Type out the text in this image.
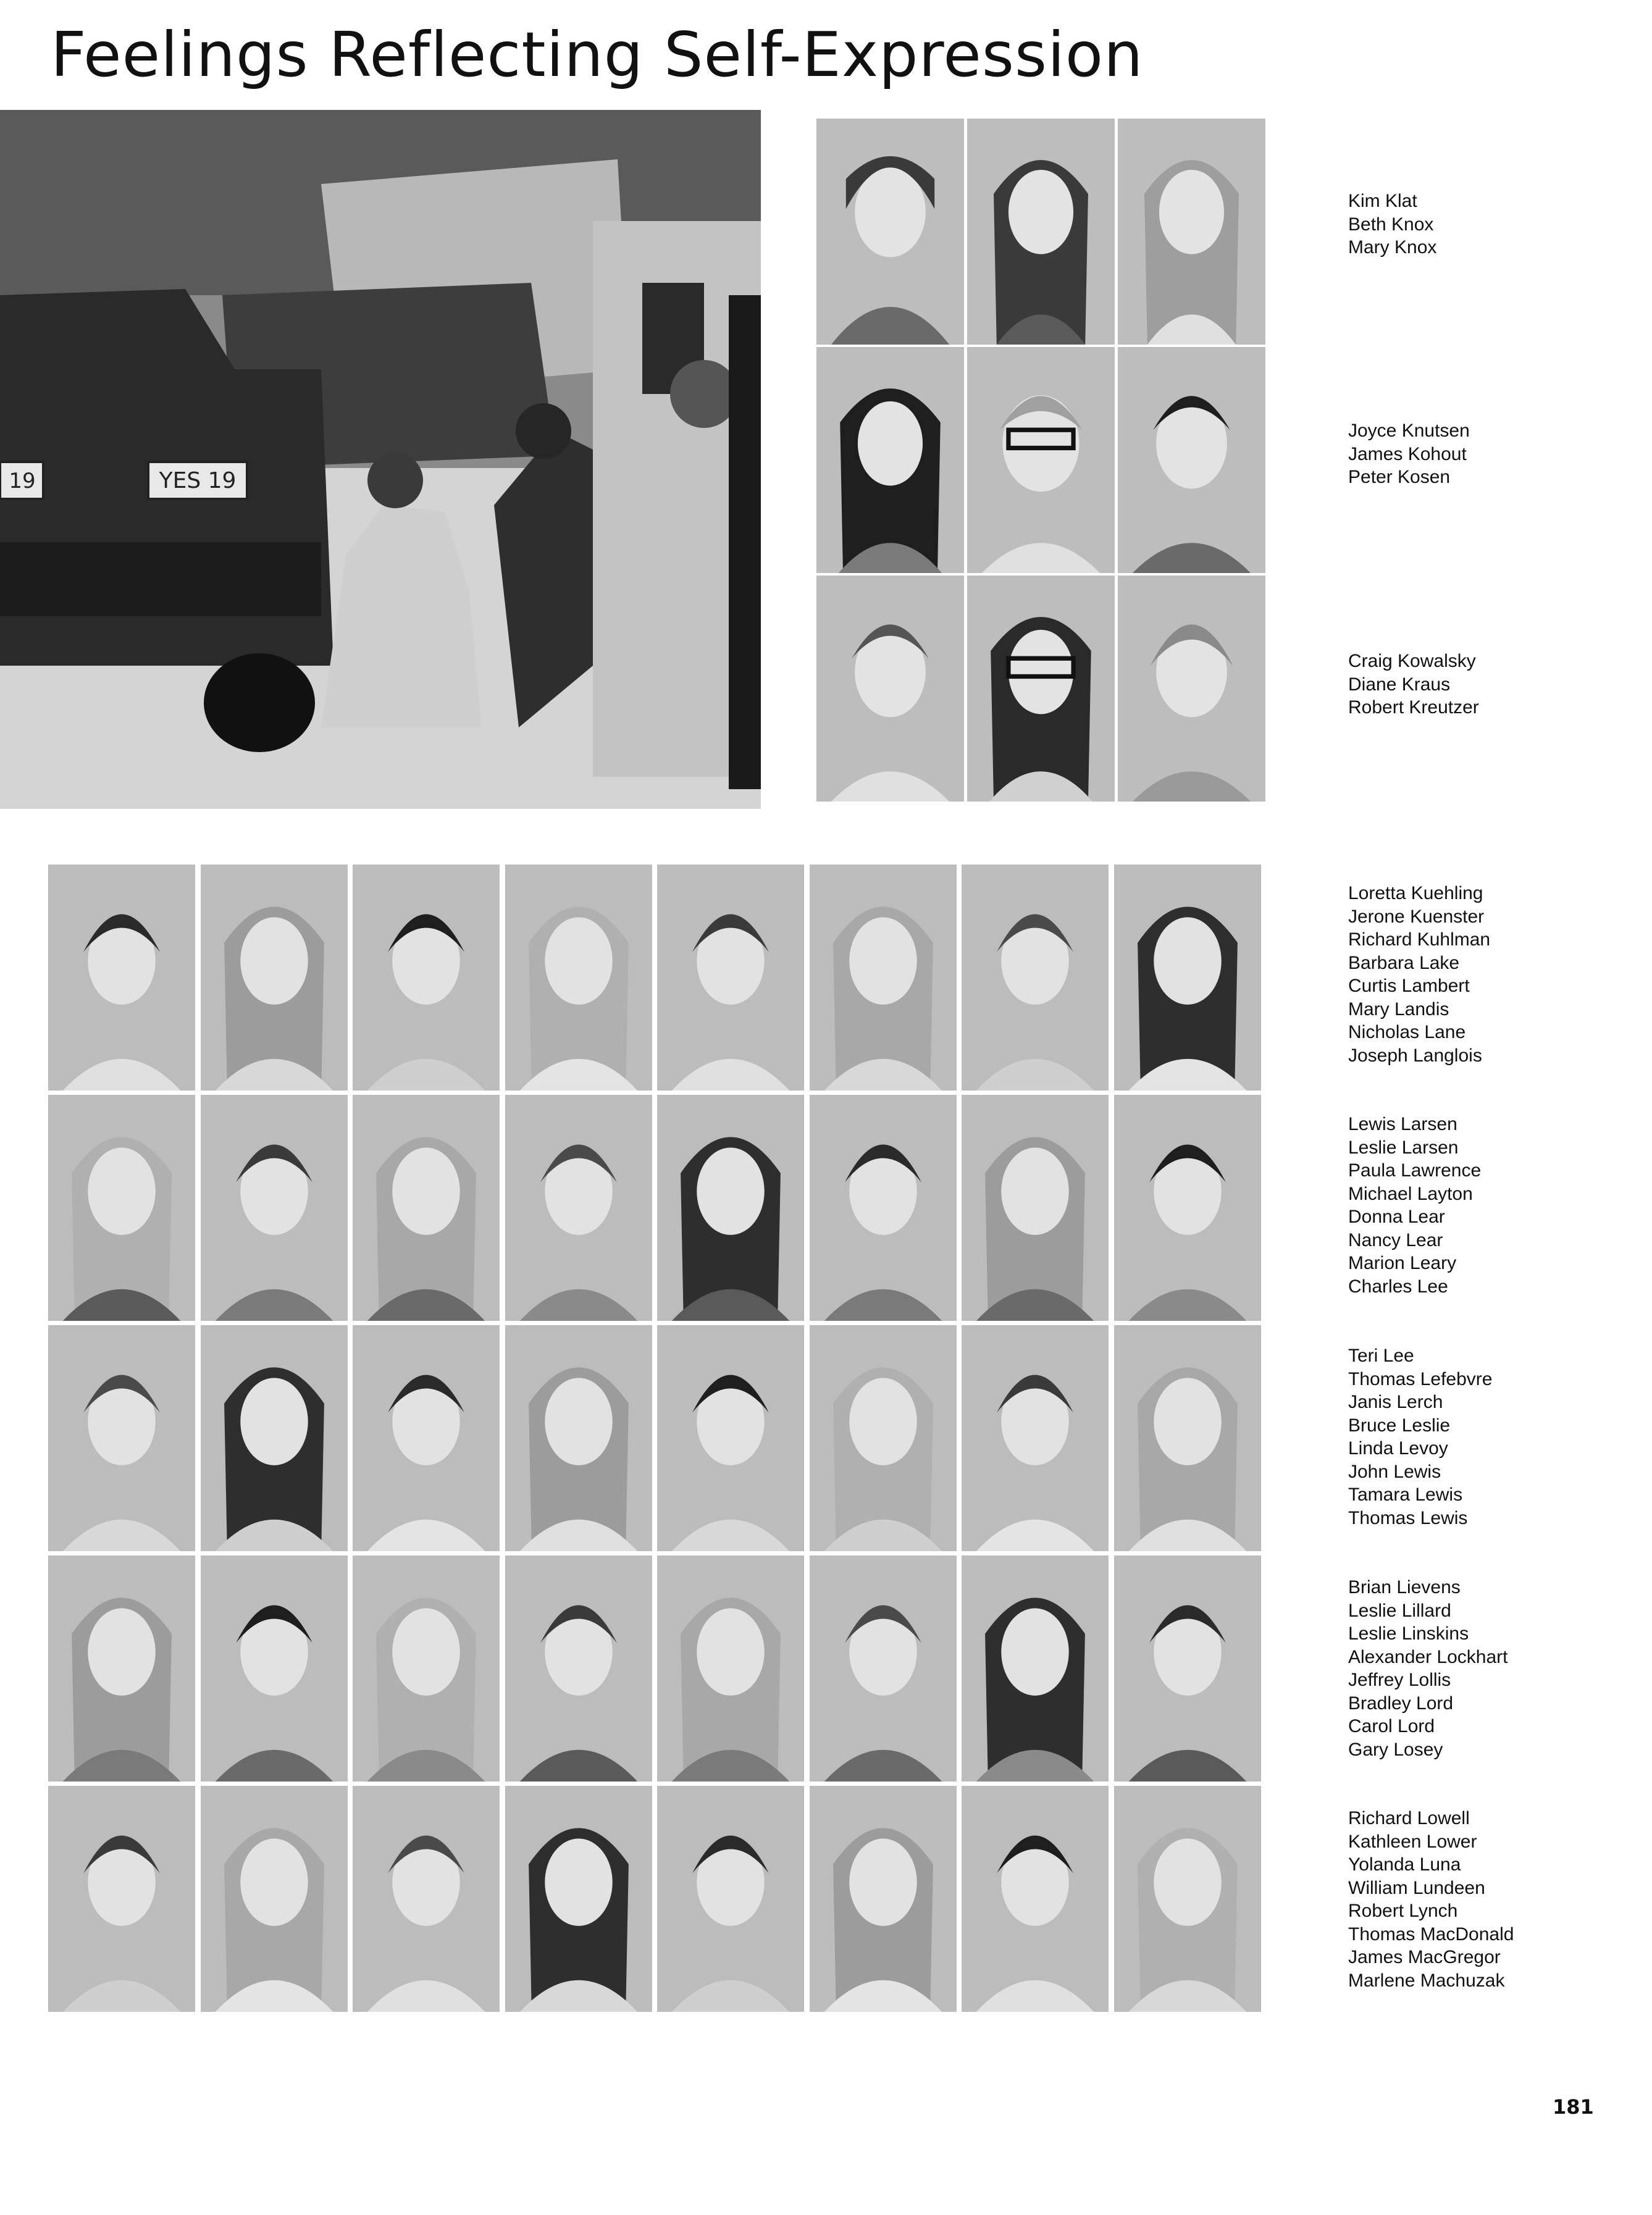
Feelings Reflecting Self-Expression
YES 19
19
Kim Klat
Beth Knox
Mary Knox
Joyce Knutsen
James Kohout
Peter Kosen
Craig Kowalsky
Diane Kraus
Robert Kreutzer
Loretta Kuehling
Jerone Kuenster
Richard Kuhlman
Barbara Lake
Curtis Lambert
Mary Landis
Nicholas Lane
Joseph Langlois
Lewis Larsen
Leslie Larsen
Paula Lawrence
Michael Layton
Donna Lear
Nancy Lear
Marion Leary
Charles Lee
Teri Lee
Thomas Lefebvre
Janis Lerch
Bruce Leslie
Linda Levoy
John Lewis
Tamara Lewis
Thomas Lewis
Brian Lievens
Leslie Lillard
Leslie Linskins
Alexander Lockhart
Jeffrey Lollis
Bradley Lord
Carol Lord
Gary Losey
Richard Lowell
Kathleen Lower
Yolanda Luna
William Lundeen
Robert Lynch
Thomas MacDonald
James MacGregor
Marlene Machuzak
181
